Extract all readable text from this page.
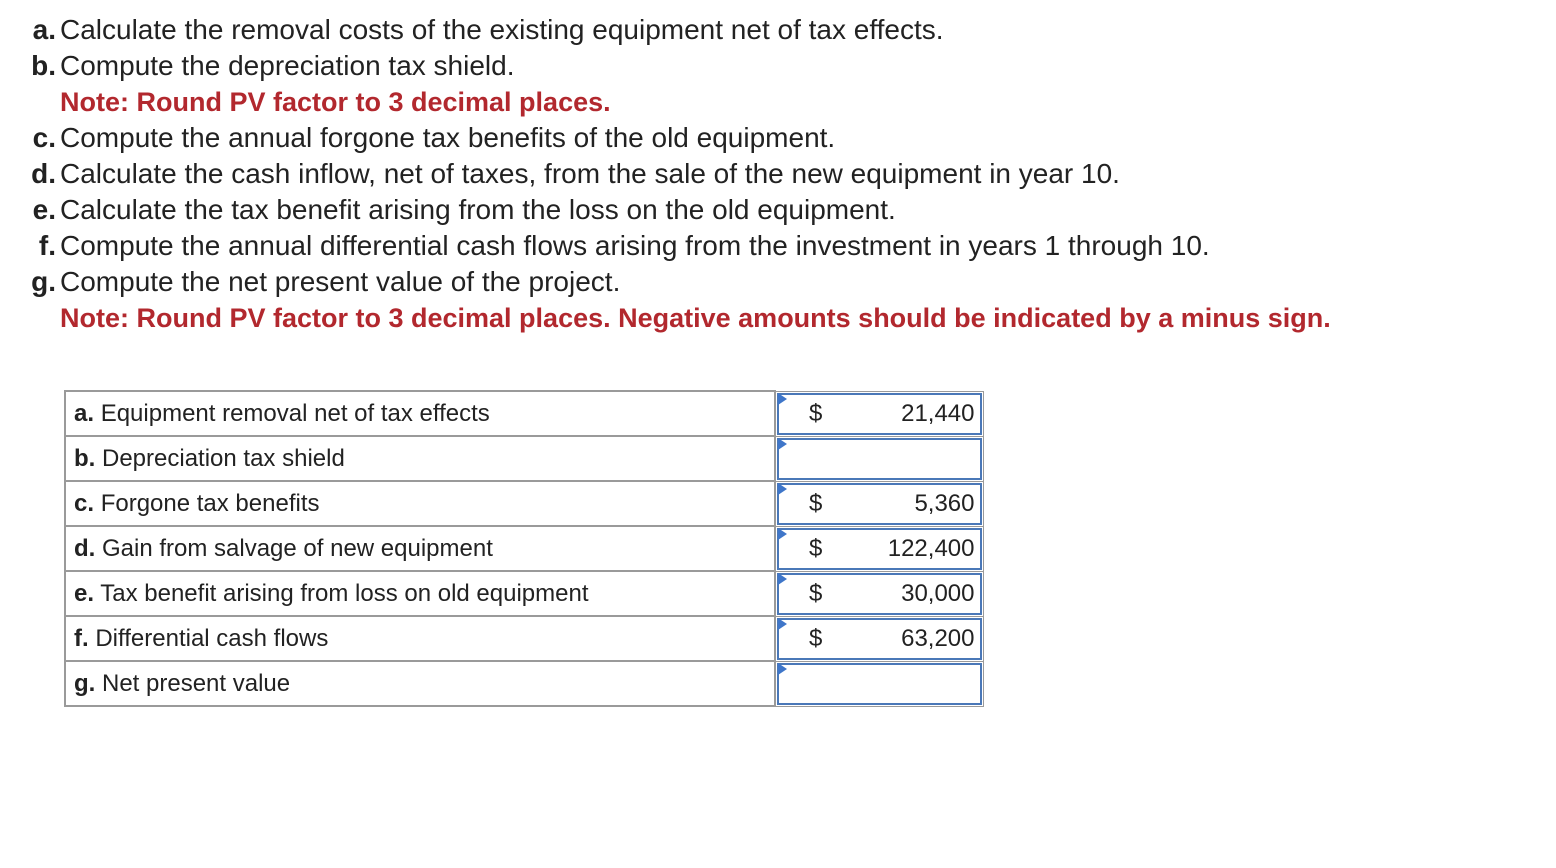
a. Calculate the removal costs of the existing equipment net of tax effects.
b. Compute the depreciation tax shield.
Note: Round PV factor to 3 decimal places.
c. Compute the annual forgone tax benefits of the old equipment.
d. Calculate the cash inflow, net of taxes, from the sale of the new equipment in year 10.
e. Calculate the tax benefit arising from the loss on the old equipment.
f. Compute the annual differential cash flows arising from the investment in years 1 through 10.
g. Compute the net present value of the project.
Note: Round PV factor to 3 decimal places. Negative amounts should be indicated by a minus sign.
a. Equipment removal net of tax effects	$ 21,440

b. Depreciation tax shield	

c. Forgone tax benefits	$ 5,360

d. Gain from salvage of new equipment	$ 122,400

e. Tax benefit arising from loss on old equipment	$ 30,000

f. Differential cash flows	$ 63,200

g. Net present value	
